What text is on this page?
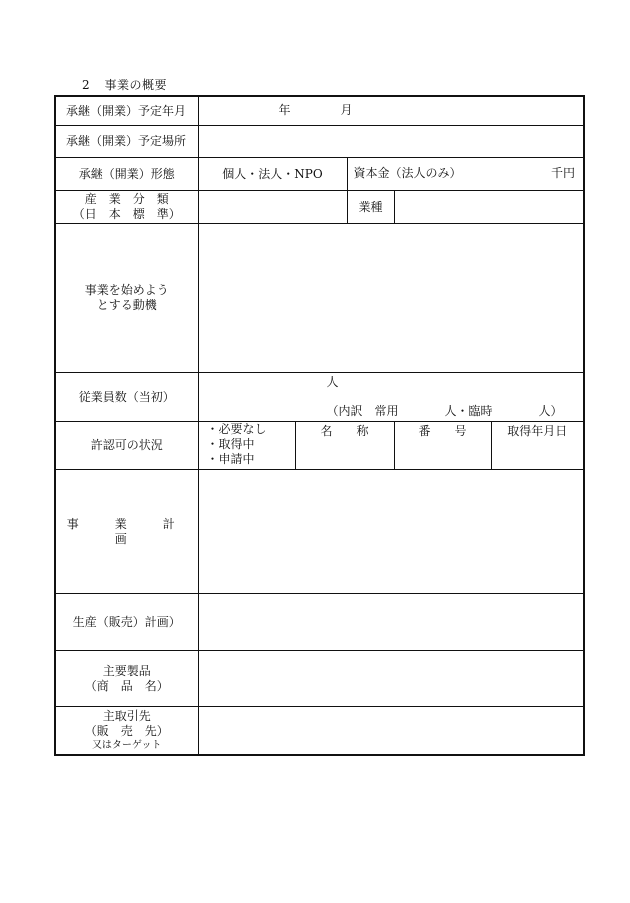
2 事業の概要
承継（開業）予定年月	年 月				

承継（開業）予定場所					
承継（開業）形態	個人・法人・NPO		資本金（法人のみ） 千円		

産　業　分　類
（日　本　標　準）			業種		

事業を始めよう
とする動機					

従業員数（当初）	人
（内訳　常用 人・臨時 人）				

許認可の状況	・必要なし
・取得中
・申請中	名　　称		番　　号	取得年月日
事　業　計　画					
生産（販売）計画）					

主要製品
（商　品　名）					

主取引先
（販　売　先）
又はターゲット					
